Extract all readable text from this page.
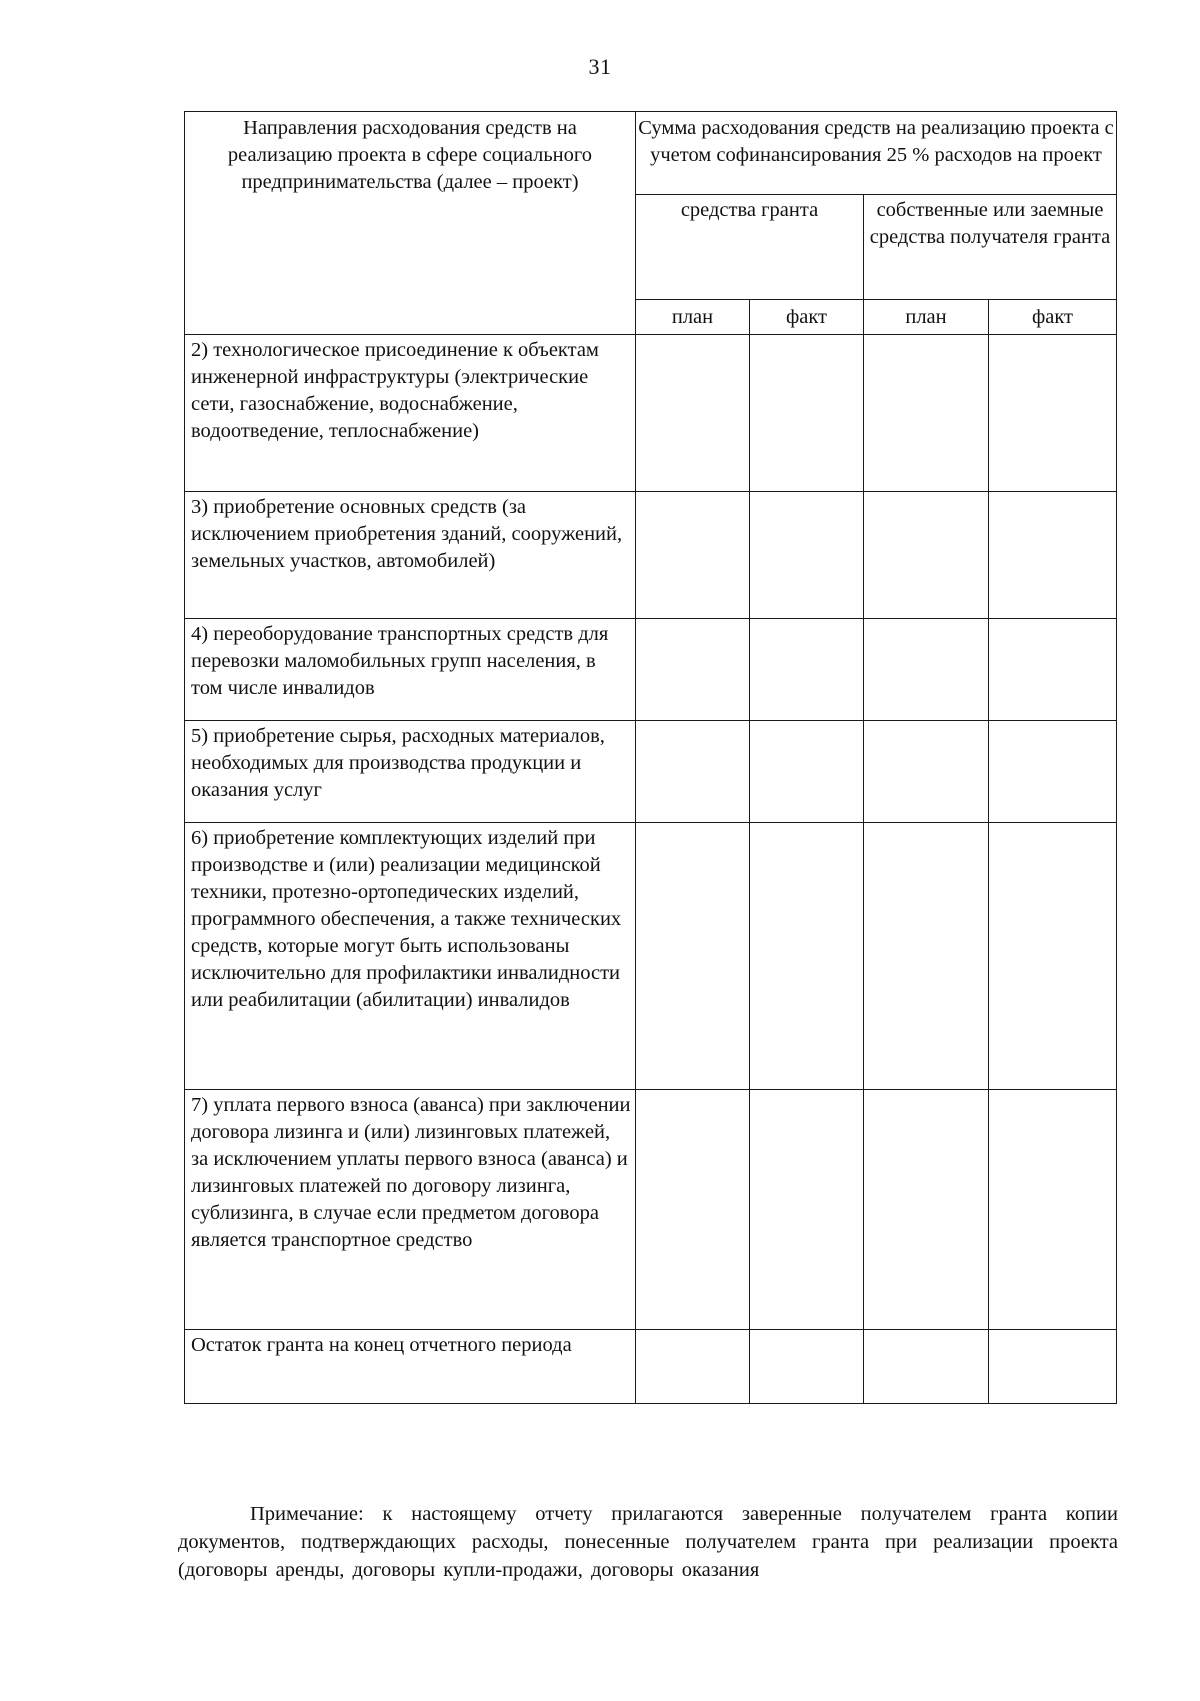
31
Направления расходования средств на реализацию проекта в сфере социального предпринимательства (далее – проект)	Сумма расходования средств на реализацию проекта с учетом софинансирования 25 % расходов на проект			
	средства гранта		собственные или заемные средства получателя гранта	
	план	факт	план	факт
2) технологическое присоединение к объектам инженерной инфраструктуры (электрические сети, газоснабжение, водоснабжение, водоотведение, теплоснабжение)	

3) приобретение основных средств (за исключением приобретения зданий, сооружений, земельных участков, автомобилей)	

4) переоборудование транспортных средств для перевозки маломобильных групп населения, в том числе инвалидов	

5) приобретение сырья, расходных материалов, необходимых для производства продукции и оказания услуг	

6) приобретение комплектующих изделий при производстве и (или) реализации медицинской техники, протезно-ортопедических изделий, программного обеспечения, а также технических средств, которые могут быть использованы исключительно для профилактики инвалидности или реабилитации (абилитации) инвалидов	

7) уплата первого взноса (аванса) при заключении договора лизинга и (или) лизинговых платежей, за исключением уплаты первого взноса (аванса) и лизинговых платежей по договору лизинга, сублизинга, в случае если предметом договора является транспортное средство	

Остаток гранта на конец отчетного периода	

Примечание: к настоящему отчету прилагаются заверенные получателем гранта копии документов, подтверждающих расходы, понесенные получателем гранта при реализации проекта (договоры аренды, договоры купли-продажи, договоры оказания
